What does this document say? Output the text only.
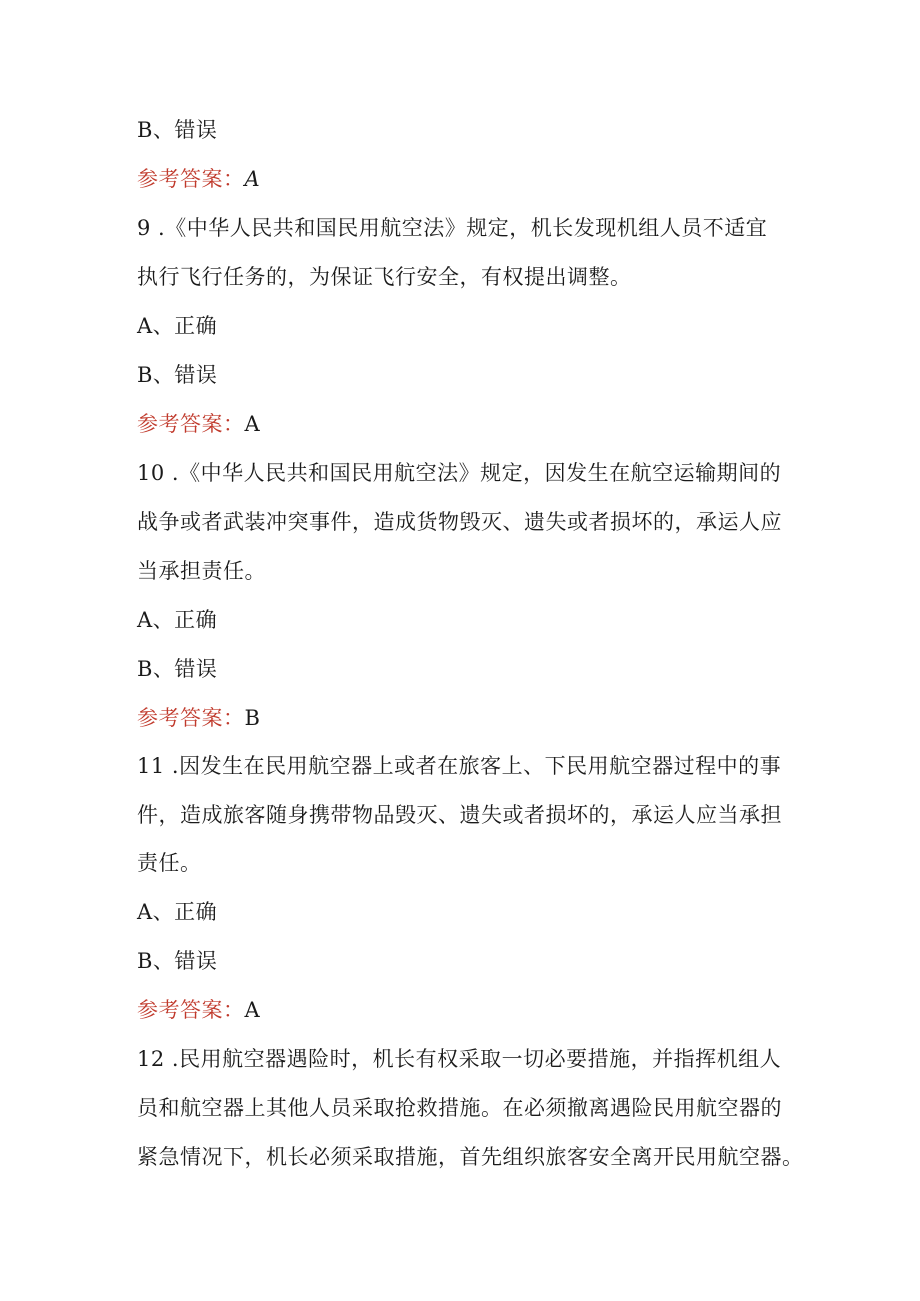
B、错误
参考答案：A
9 .《中华人民共和国民用航空法》规定，机长发现机组人员不适宜
执行飞行任务的，为保证飞行安全，有权提出调整。
A、正确
B、错误
参考答案：A
10 .《中华人民共和国民用航空法》规定，因发生在航空运输期间的
战争或者武装冲突事件，造成货物毁灭、遗失或者损坏的，承运人应
当承担责任。
A、正确
B、错误
参考答案：B
11 .因发生在民用航空器上或者在旅客上、下民用航空器过程中的事
件，造成旅客随身携带物品毁灭、遗失或者损坏的，承运人应当承担
责任。
A、正确
B、错误
参考答案：A
12 .民用航空器遇险时，机长有权采取一切必要措施，并指挥机组人
员和航空器上其他人员采取抢救措施。在必须撤离遇险民用航空器的
紧急情况下，机长必须采取措施，首先组织旅客安全离开民用航空器。
